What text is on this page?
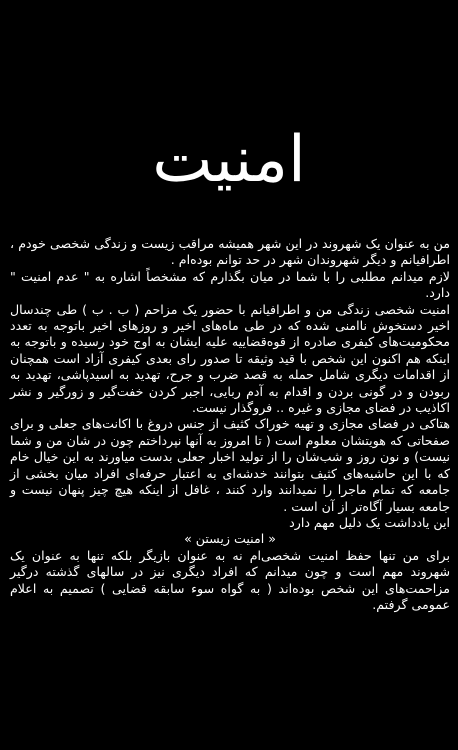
امنیت

من به عنوان یک شهروند در این شهر همیشه مراقب زیست و زندگی شخصی خودم ، اطرافیانم و دیگر شهروندان شهر در حد توانم بوده‌ام .

لازم میدانم مطلبی را با شما در میان بگذارم که مشخصاً اشاره به " عدم امنیت " دارد.

امنیت شخصی زندگی من و اطرافیانم با حضور یک مزاحم ( ب . ب ) طی چندسال اخیر دستخوش ناامنی شده که در طی ماه‌های اخیر و روزهای اخیر باتوجه به تعدد محکومیت‌های کیفری صادره از قوه‌قضاییه علیه ایشان به اوج خود رسیده و باتوجه به اینکه هم اکنون این شخص با قید وثیقه تا صدور رای بعدی کیفری آزاد است همچنان از اقدامات دیگری شامل حمله به قصد ضرب و جرح، تهدید به اسیدپاشی، تهدید به ربودن و در گونی بردن و اقدام به آدم ربایی، اجبر کردن خفت‌گیر و زورگیر و نشر اکاذیب در فضای مجازی و غیره .. فروگذار نیست.

هتاکی در فضای مجازی و تهیه خوراک کثیف از جنس دروغ با اکانت‌های جعلی و برای صفحاتی که هویتشان معلوم است ( تا امروز به آنها نپرداختم چون در شان من و شما نیست) و نون روز و شب‌شان را از تولید اخبار جعلی بدست میاورند به این خیال خام که با این حاشیه‌های کثیف بتوانند خدشه‌ای به اعتبار حرفه‌ای افراد میان بخشی از جامعه که تمام ماجرا را نمیدانند وارد کنند ، غافل از اینکه هیچ چیز پنهان نیست و جامعه بسیار آگاه‌تر از آن است .

این یادداشت یک دلیل مهم دارد

« امنیت زیستن »

برای من تنها حفظ امنیت شخصی‌ام نه به عنوان بازیگر بلکه تنها به عنوان یک شهروند مهم است و چون میدانم که افراد دیگری نیز در سالهای گذشته درگیر مزاحمت‌های این شخص بوده‌اند ( به گواه سوء سابقه قضایی ) تصمیم به اعلام عمومی گرفتم.
